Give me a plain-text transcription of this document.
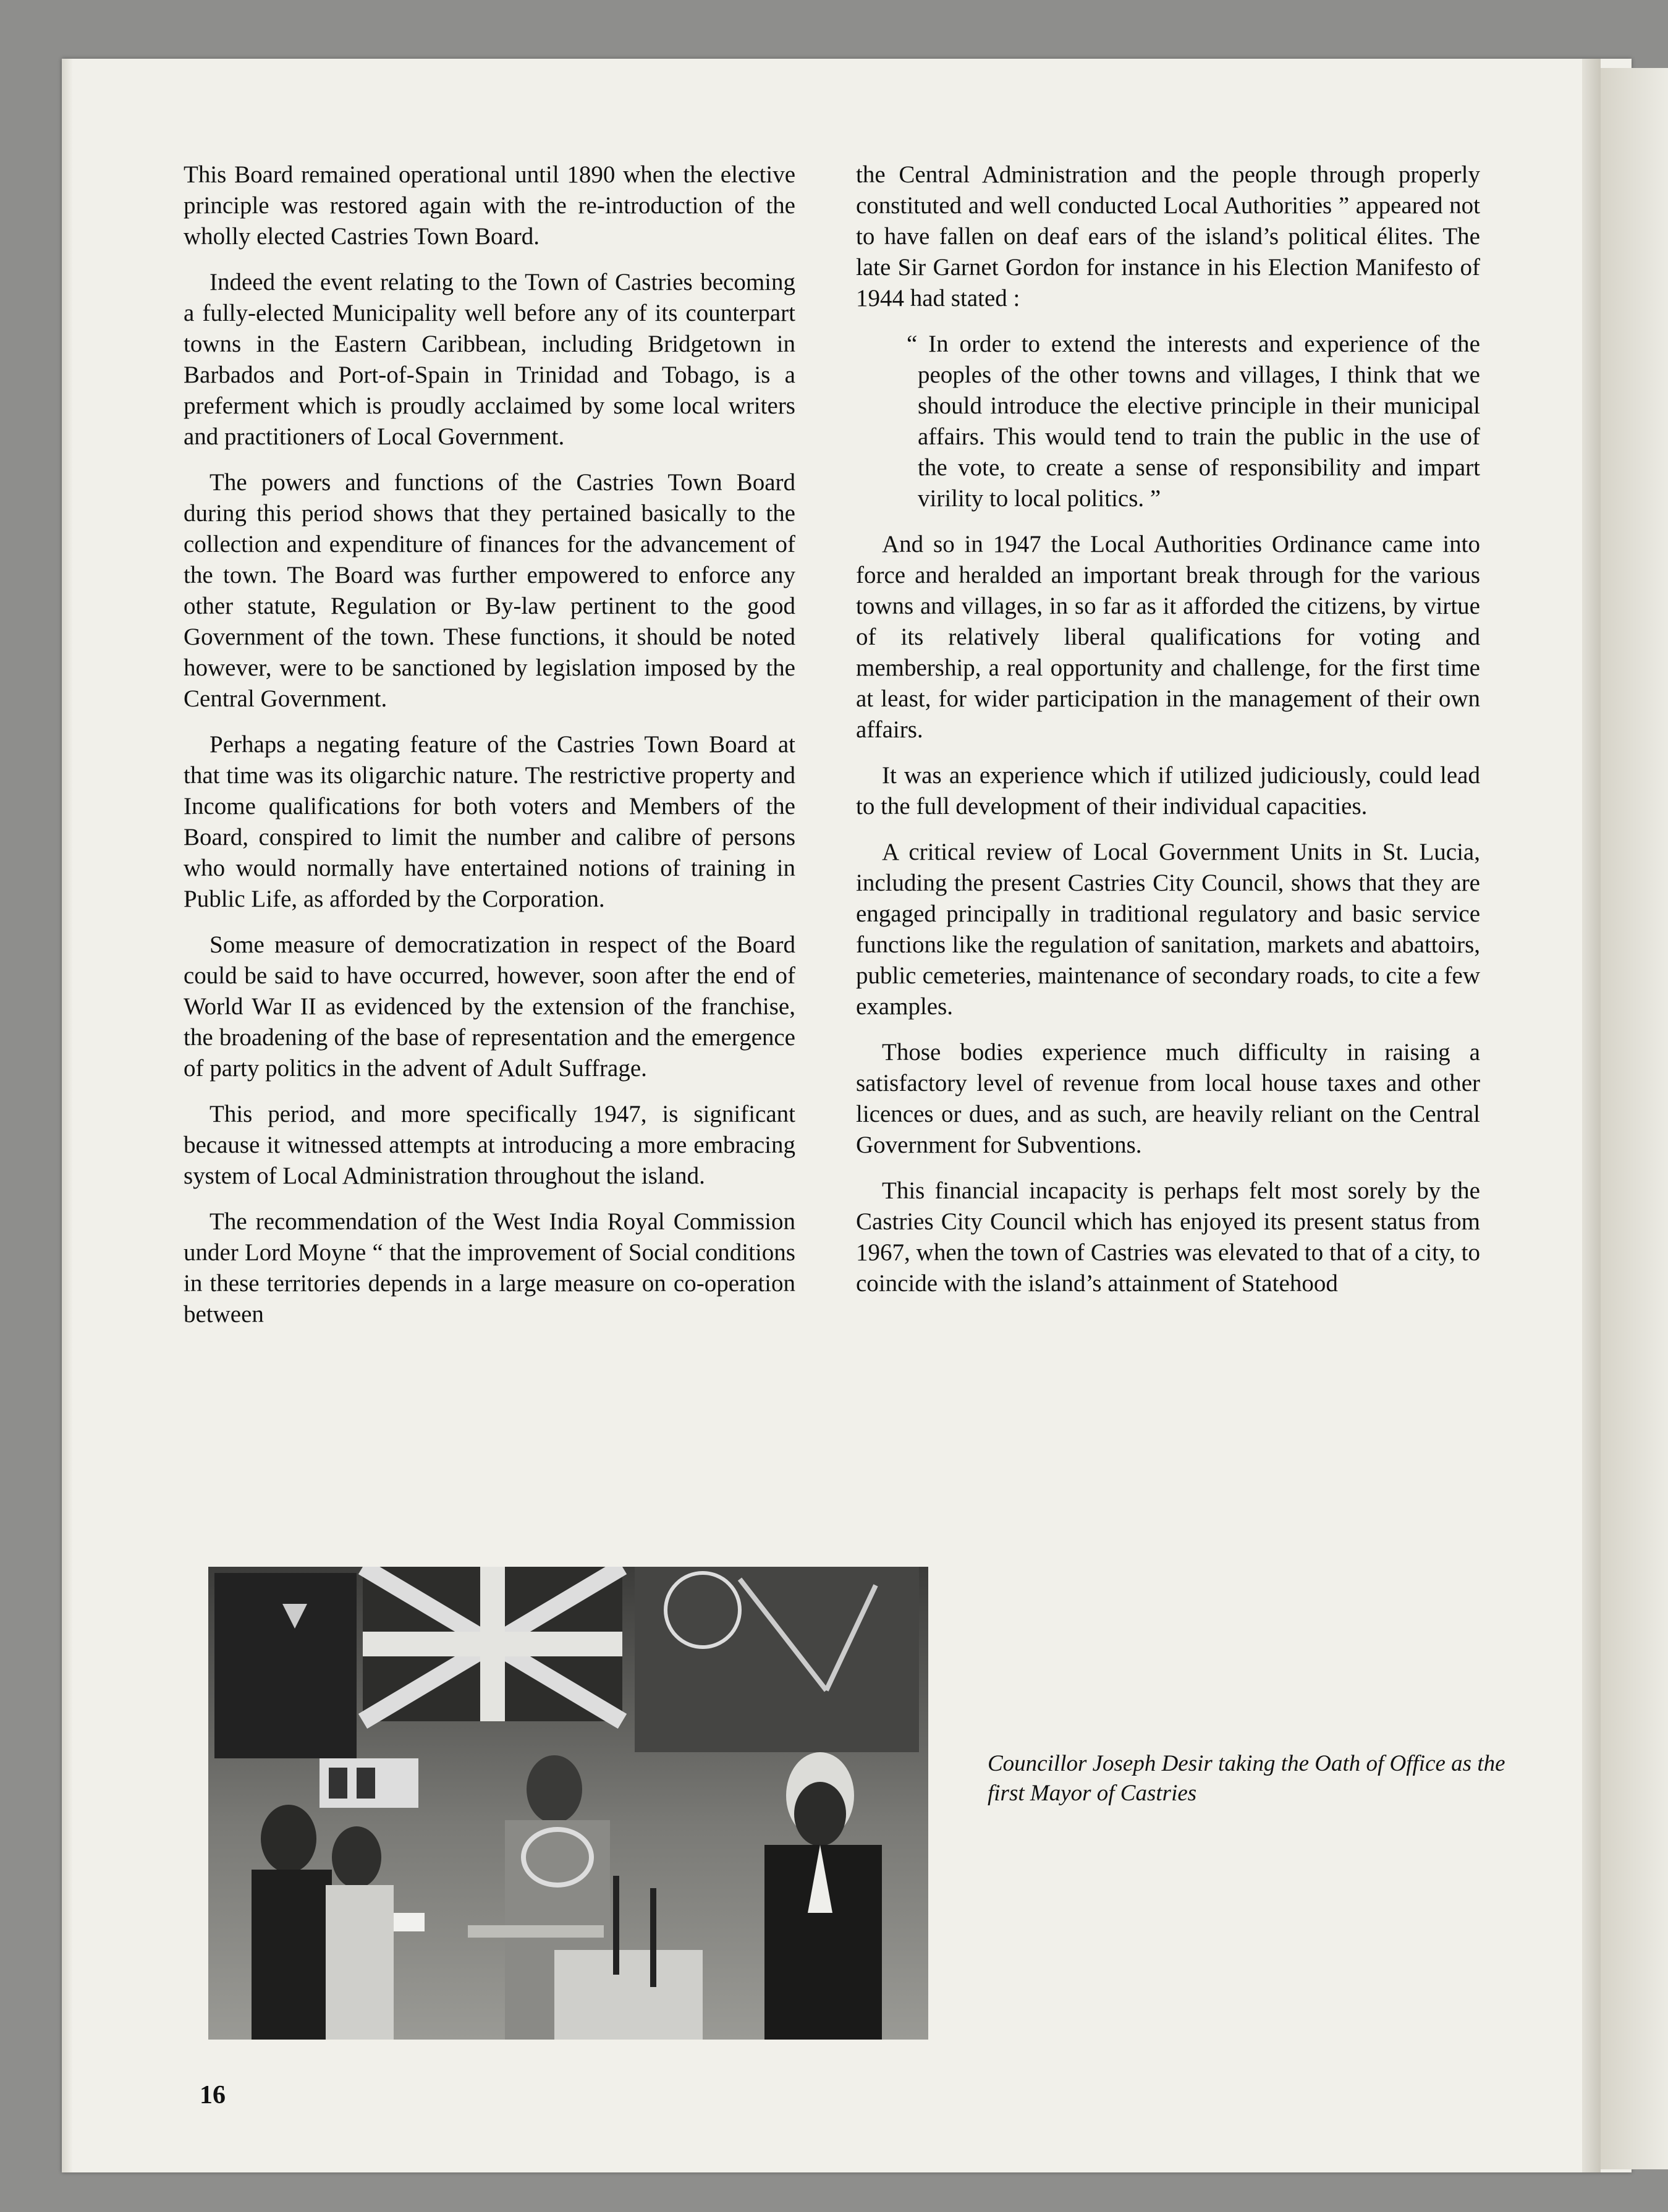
This Board remained operational until 1890 when the elective principle was restored again with the re-introduction of the wholly elected Castries Town Board.

Indeed the event relating to the Town of Castries becoming a fully-elected Municipality well before any of its counterpart towns in the Eastern Caribbean, including Bridgetown in Barbados and Port-of-Spain in Trinidad and Tobago, is a preferment which is proudly acclaimed by some local writers and practitioners of Local Government.

The powers and functions of the Castries Town Board during this period shows that they pertained basically to the collection and expenditure of finances for the advancement of the town. The Board was further empowered to enforce any other statute, Regulation or By-law pertinent to the good Government of the town. These functions, it should be noted however, were to be sanctioned by legislation imposed by the Central Government.

Perhaps a negating feature of the Castries Town Board at that time was its oligarchic nature. The restrictive property and Income qualifications for both voters and Members of the Board, conspired to limit the number and calibre of persons who would normally have entertained notions of training in Public Life, as afforded by the Corporation.

Some measure of democratization in respect of the Board could be said to have occurred, however, soon after the end of World War II as evidenced by the extension of the franchise, the broadening of the base of representation and the emergence of party politics in the advent of Adult Suffrage.

This period, and more specifically 1947, is significant because it witnessed attempts at introducing a more embracing system of Local Administration throughout the island.

The recommendation of the West India Royal Commission under Lord Moyne “ that the improvement of Social conditions in these territories depends in a large measure on co-operation between

the Central Administration and the people through properly constituted and well conducted Local Authorities ” appeared not to have fallen on deaf ears of the island’s political élites. The late Sir Garnet Gordon for instance in his Election Manifesto of 1944 had stated :

“ In order to extend the interests and experience of the peoples of the other towns and villages, I think that we should introduce the elective principle in their municipal affairs. This would tend to train the public in the use of the vote, to create a sense of responsibility and impart virility to local politics. ”

And so in 1947 the Local Authorities Ordinance came into force and heralded an important break through for the various towns and villages, in so far as it afforded the citizens, by virtue of its relatively liberal qualifications for voting and membership, a real opportunity and challenge, for the first time at least, for wider participation in the management of their own affairs.

It was an experience which if utilized judiciously, could lead to the full development of their individual capacities.

A critical review of Local Government Units in St. Lucia, including the present Castries City Council, shows that they are engaged principally in traditional regulatory and basic service functions like the regulation of sanitation, markets and abattoirs, public cemeteries, maintenance of secondary roads, to cite a few examples.

Those bodies experience much difficulty in raising a satisfactory level of revenue from local house taxes and other licences or dues, and as such, are heavily reliant on the Central Government for Subventions.

This financial incapacity is perhaps felt most sorely by the Castries City Council which has enjoyed its present status from 1967, when the town of Castries was elevated to that of a city, to coincide with the island’s attainment of Statehood

Councillor Joseph Desir taking the Oath of Office as the first Mayor of Castries
16
